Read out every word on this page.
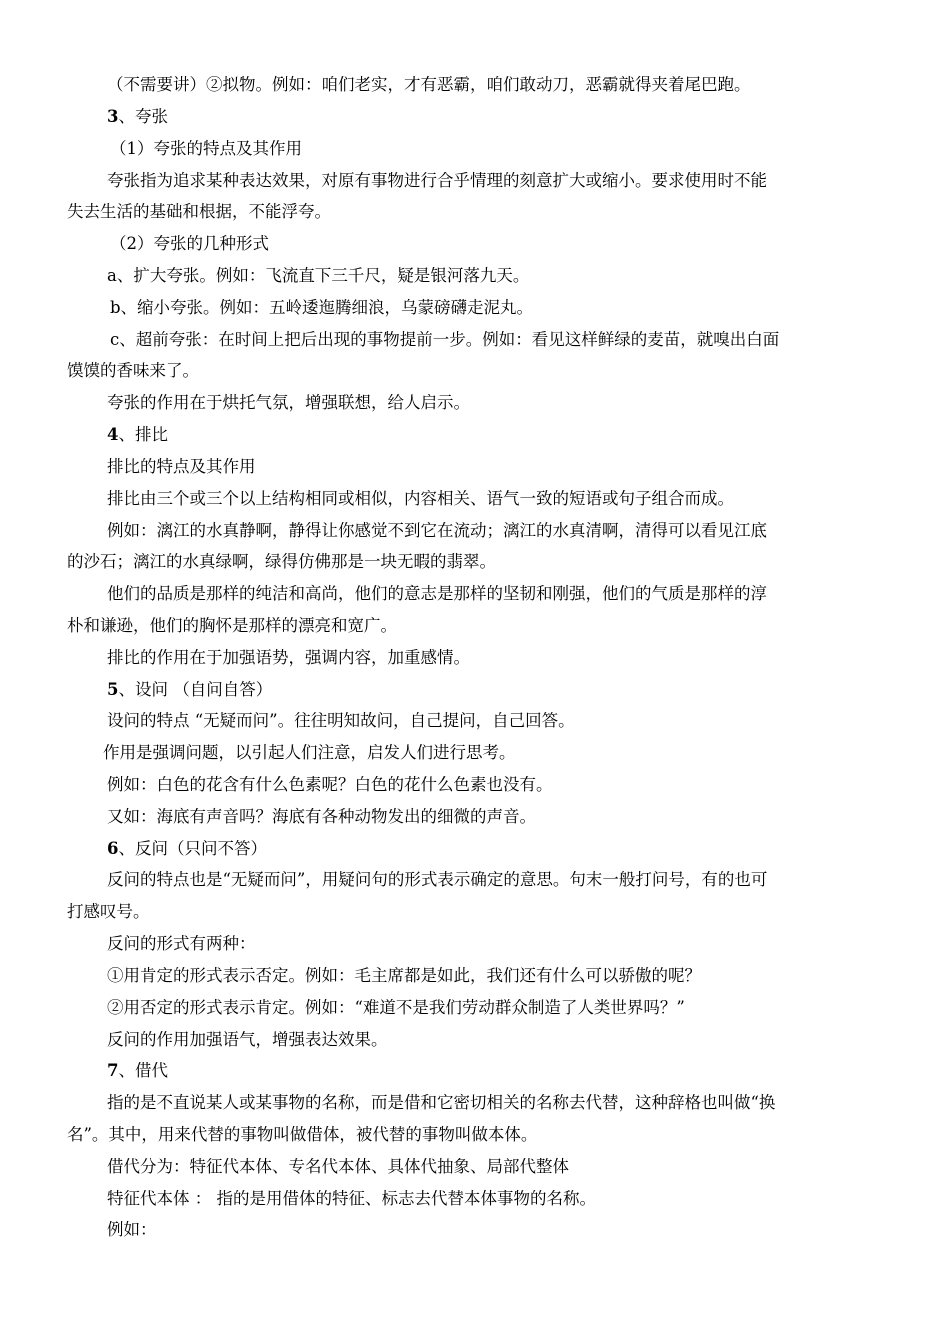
（不需要讲）②拟物。例如：咱们老实，才有恶霸，咱们敢动刀，恶霸就得夹着尾巴跑。
3、夸张
（1）夸张的特点及其作用
夸张指为追求某种表达效果，对原有事物进行合乎情理的刻意扩大或缩小。要求使用时不能
失去生活的基础和根据，不能浮夸。
（2）夸张的几种形式
a、扩大夸张。例如：飞流直下三千尺，疑是银河落九天。
b、缩小夸张。例如：五岭逶迤腾细浪，乌蒙磅礴走泥丸。
c、超前夸张：在时间上把后出现的事物提前一步。例如：看见这样鲜绿的麦苗，就嗅出白面
馍馍的香味来了。
夸张的作用在于烘托气氛，增强联想，给人启示。
4、排比
排比的特点及其作用
排比由三个或三个以上结构相同或相似，内容相关、语气一致的短语或句子组合而成。
例如：漓江的水真静啊，静得让你感觉不到它在流动；漓江的水真清啊，清得可以看见江底
的沙石；漓江的水真绿啊，绿得仿佛那是一块无暇的翡翠。
他们的品质是那样的纯洁和高尚，他们的意志是那样的坚韧和刚强，他们的气质是那样的淳
朴和谦逊，他们的胸怀是那样的漂亮和宽广。
排比的作用在于加强语势，强调内容，加重感情。
5、设问 （自问自答）
设问的特点 “无疑而问”。往往明知故问，自己提问，自己回答。
作用是强调问题，以引起人们注意，启发人们进行思考。
例如：白色的花含有什么色素呢？白色的花什么色素也没有。
又如：海底有声音吗？海底有各种动物发出的细微的声音。
6、反问（只问不答）
反问的特点也是“无疑而问”，用疑问句的形式表示确定的意思。句末一般打问号，有的也可
打感叹号。
反问的形式有两种：
①用肯定的形式表示否定。例如：毛主席都是如此，我们还有什么可以骄傲的呢？
②用否定的形式表示肯定。例如：“难道不是我们劳动群众制造了人类世界吗？”
反问的作用加强语气，增强表达效果。
7、借代
指的是不直说某人或某事物的名称，而是借和它密切相关的名称去代替，这种辞格也叫做“换
名”。其中，用来代替的事物叫做借体，被代替的事物叫做本体。
借代分为：特征代本体、专名代本体、具体代抽象、局部代整体
特征代本体 ： 指的是用借体的特征、标志去代替本体事物的名称。
例如：
